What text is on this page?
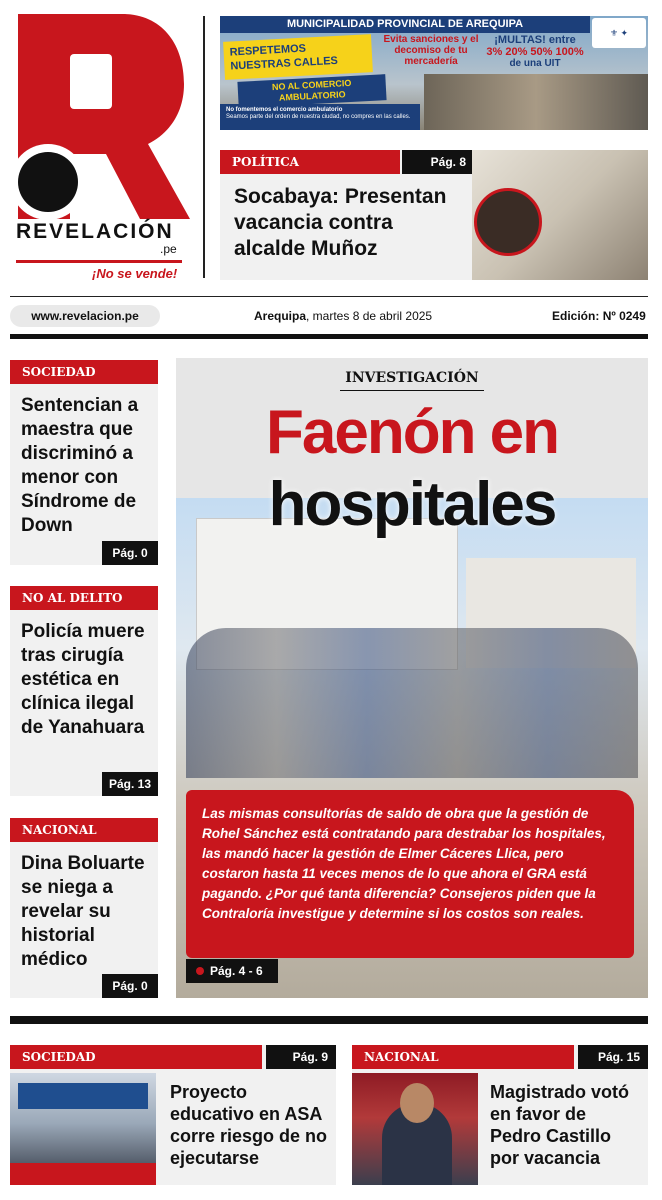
REVELACIÓN
.pe
¡No se vende!
MUNICIPALIDAD PROVINCIAL DE AREQUIPA
⚜ ✦
RESPETEMOS NUESTRAS CALLES
Evita sanciones y el decomiso de tu mercadería
¡MULTAS! entre
3% 20% 50% 100%
de una UIT
NO AL COMERCIO AMBULATORIO
No fomentemos el comercio ambulatorio
Seamos parte del orden de nuestra ciudad, no compres en las calles.
POLÍTICA	Pág. 8
Socabaya: Presentan vacancia contra alcalde Muñoz
www.revelacion.pe	Arequipa, martes 8 de abril 2025	Edición: Nº 0249
SOCIEDAD

Sentencian a maestra que discriminó a menor con Síndrome de Down

Pág. 0
NO AL DELITO

Policía muere tras cirugía estética en clínica ilegal de Yanahuara

Pág. 13
NACIONAL

Dina Boluarte se niega a revelar su historial médico

Pág. 0
INVESTIGACIÓN
Faenón en
hospitales

Las mismas consultorías de saldo de obra que la gestión de Rohel Sánchez está contratando para destrabar los hospitales, las mandó hacer la gestión de Elmer Cáceres Llica, pero costaron hasta 11 veces menos de lo que ahora el GRA está pagando. ¿Por qué tanta diferencia? Consejeros piden que la Contraloría investigue y determine si los costos son reales.

Pág. 4 - 6
SOCIEDAD	Pág. 9
Proyecto educativo en ASA corre riesgo de no ejecutarse
NACIONAL	Pág. 15
Magistrado votó en favor de Pedro Castillo por vacancia
